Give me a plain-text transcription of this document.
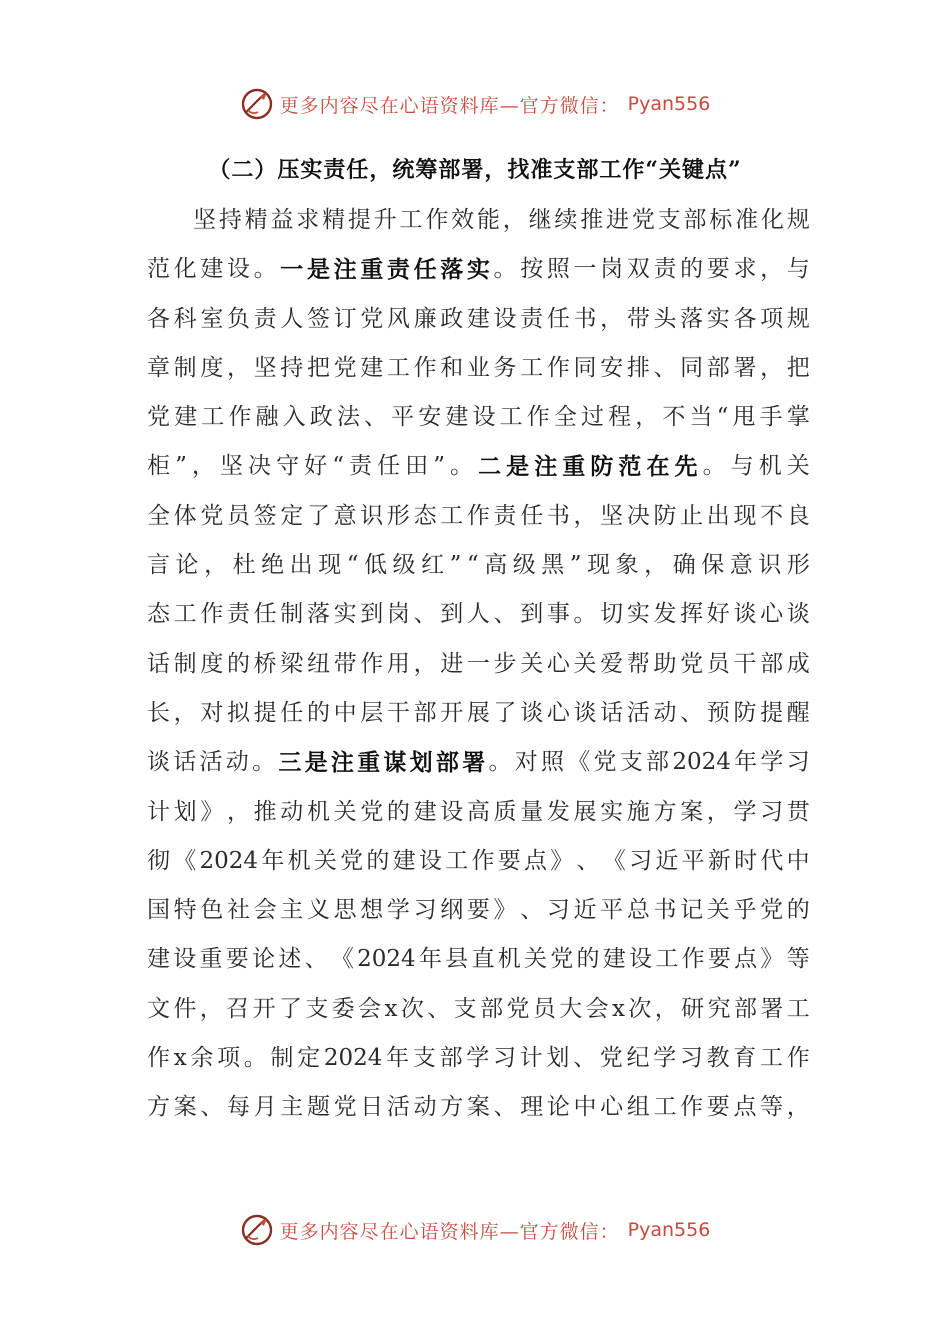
更多内容尽在心语资料库—官方微信： Pyan556
（二）压实责任，统筹部署，找准支部工作“关键点”
坚 持 精 益 求 精 提 升 工 作 效 能 ， 继 续 推 进 党 支 部 标 准 化 规
范 化 建 设 。 一 是 注 重 责 任 落 实 。 按 照 一 岗 双 责 的 要 求 ， 与
各 科 室 负 责 人 签 订 党 风 廉 政 建 设 责 任 书 ， 带 头 落 实 各 项 规
章 制 度 ， 坚 持 把 党 建 工 作 和 业 务 工 作 同 安 排 、 同 部 署 ， 把
党 建 工 作 融 入 政 法 、 平 安 建 设 工 作 全 过 程 ， 不 当 “ 甩 手 掌
柜 ” ， 坚 决 守 好 “ 责 任 田 ” 。 二 是 注 重 防 范 在 先 。 与 机 关
全 体 党 员 签 定 了 意 识 形 态 工 作 责 任 书 ， 坚 决 防 止 出 现 不 良
言 论 ， 杜 绝 出 现 “ 低 级 红 ” “ 高 级 黑 ” 现 象 ， 确 保 意 识 形
态 工 作 责 任 制 落 实 到 岗 、 到 人 、 到 事 。 切 实 发 挥 好 谈 心 谈
话 制 度 的 桥 梁 纽 带 作 用 ， 进 一 步 关 心 关 爱 帮 助 党 员 干 部 成
长 ， 对 拟 提 任 的 中 层 干 部 开 展 了 谈 心 谈 话 活 动 、 预 防 提 醒
谈 话 活 动 。 三 是 注 重 谋 划 部 署 。 对 照 《 党 支 部 2024 年 学 习
计 划 》 ， 推 动 机 关 党 的 建 设 高 质 量 发 展 实 施 方 案 ， 学 习 贯
彻 《 2024 年 机 关 党 的 建 设 工 作 要 点 》 、 《 习 近 平 新 时 代 中
国 特 色 社 会 主 义 思 想 学 习 纲 要 》 、 习 近 平 总 书 记 关 乎 党 的
建 设 重 要 论 述 、 《 2024 年 县 直 机 关 党 的 建 设 工 作 要 点 》 等
文 件 ， 召 开 了 支 委 会 x 次 、 支 部 党 员 大 会 x 次 ， 研 究 部 署 工
作 x 余 项 。 制 定 2024 年 支 部 学 习 计 划 、 党 纪 学 习 教 育 工 作
方 案 、 每 月 主 题 党 日 活 动 方 案 、 理 论 中 心 组 工 作 要 点 等 ，
更多内容尽在心语资料库—官方微信： Pyan556
